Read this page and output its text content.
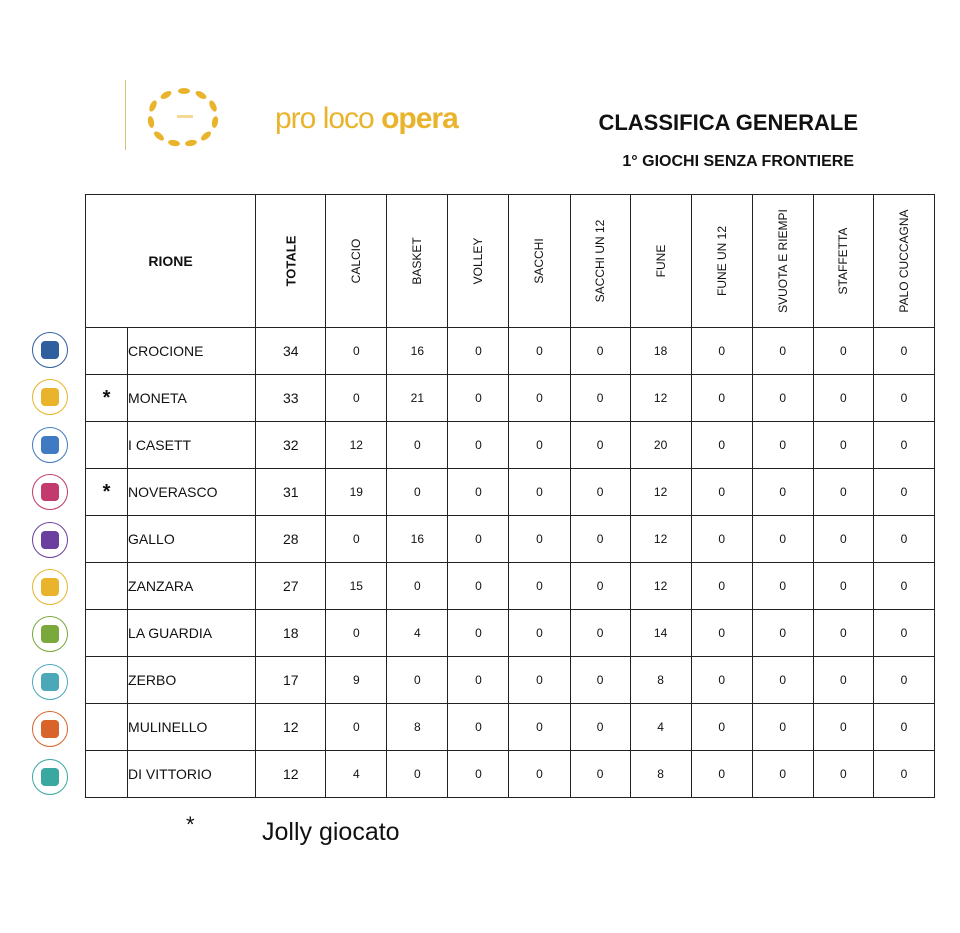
pro loco opera	CLASSIFICA GENERALE
1° GIOCHI SENZA FRONTIERE
RIONE		TOTALE	CALCIO	BASKET	VOLLEY	SACCHI	SACCHI UN 12	FUNE	FUNE UN 12	SVUOTA E RIEMPI	STAFFETTA	PALO CUCCAGNA

	CROCIONE	34	0	16	0	0	0	18	0	0	0	0
*	MONETA	33	0	21	0	0	0	12	0	0	0	0
	I CASETT	32	12	0	0	0	0	20	0	0	0	0
*	NOVERASCO	31	19	0	0	0	0	12	0	0	0	0
	GALLO	28	0	16	0	0	0	12	0	0	0	0
	ZANZARA	27	15	0	0	0	0	12	0	0	0	0
	LA GUARDIA	18	0	4	0	0	0	14	0	0	0	0
	ZERBO	17	9	0	0	0	0	8	0	0	0	0
	MULINELLO	12	0	8	0	0	0	4	0	0	0	0
	DI VITTORIO	12	4	0	0	0	0	8	0	0	0	0
*	Jolly giocato
